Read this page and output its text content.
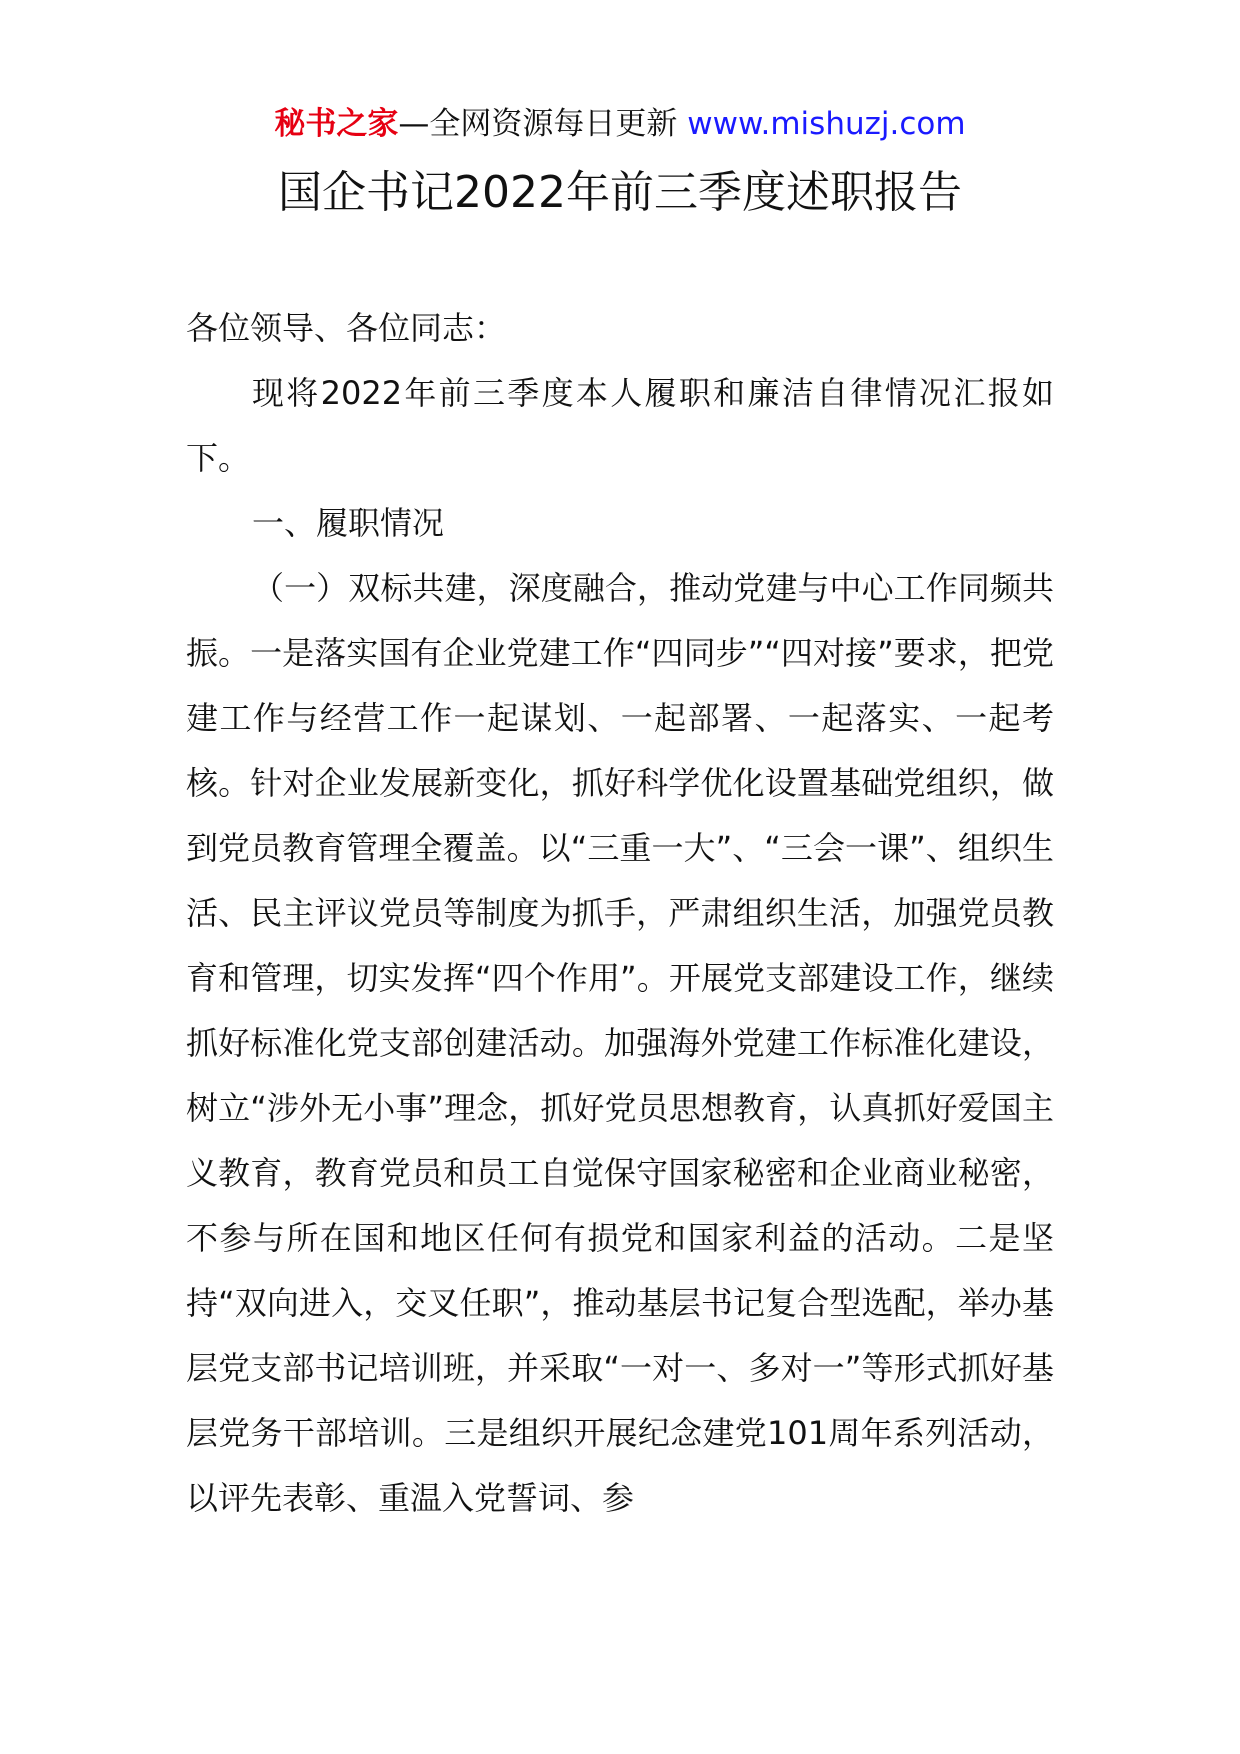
秘书之家—全网资源每日更新 www.mishuzj.com
国企书记2022年前三季度述职报告

各位领导、各位同志：

现将2022年前三季度本人履职和廉洁自律情况汇报如下。

一、履职情况

（一）双标共建，深度融合，推动党建与中心工作同频共振。一是落实国有企业党建工作“四同步”“四对接”要求，把党建工作与经营工作一起谋划、一起部署、一起落实、一起考核。针对企业发展新变化，抓好科学优化设置基础党组织，做到党员教育管理全覆盖。以“三重一大”、“三会一课”、组织生活、民主评议党员等制度为抓手，严肃组织生活，加强党员教育和管理，切实发挥“四个作用”。开展党支部建设工作，继续抓好标准化党支部创建活动。加强海外党建工作标准化建设，树立“涉外无小事”理念，抓好党员思想教育，认真抓好爱国主义教育，教育党员和员工自觉保守国家秘密和企业商业秘密，不参与所在国和地区任何有损党和国家利益的活动。二是坚持“双向进入，交叉任职”，推动基层书记复合型选配，举办基层党支部书记培训班，并采取“一对一、多对一”等形式抓好基层党务干部培训。三是组织开展纪念建党101周年系列活动，以评先表彰、重温入党誓词、参
